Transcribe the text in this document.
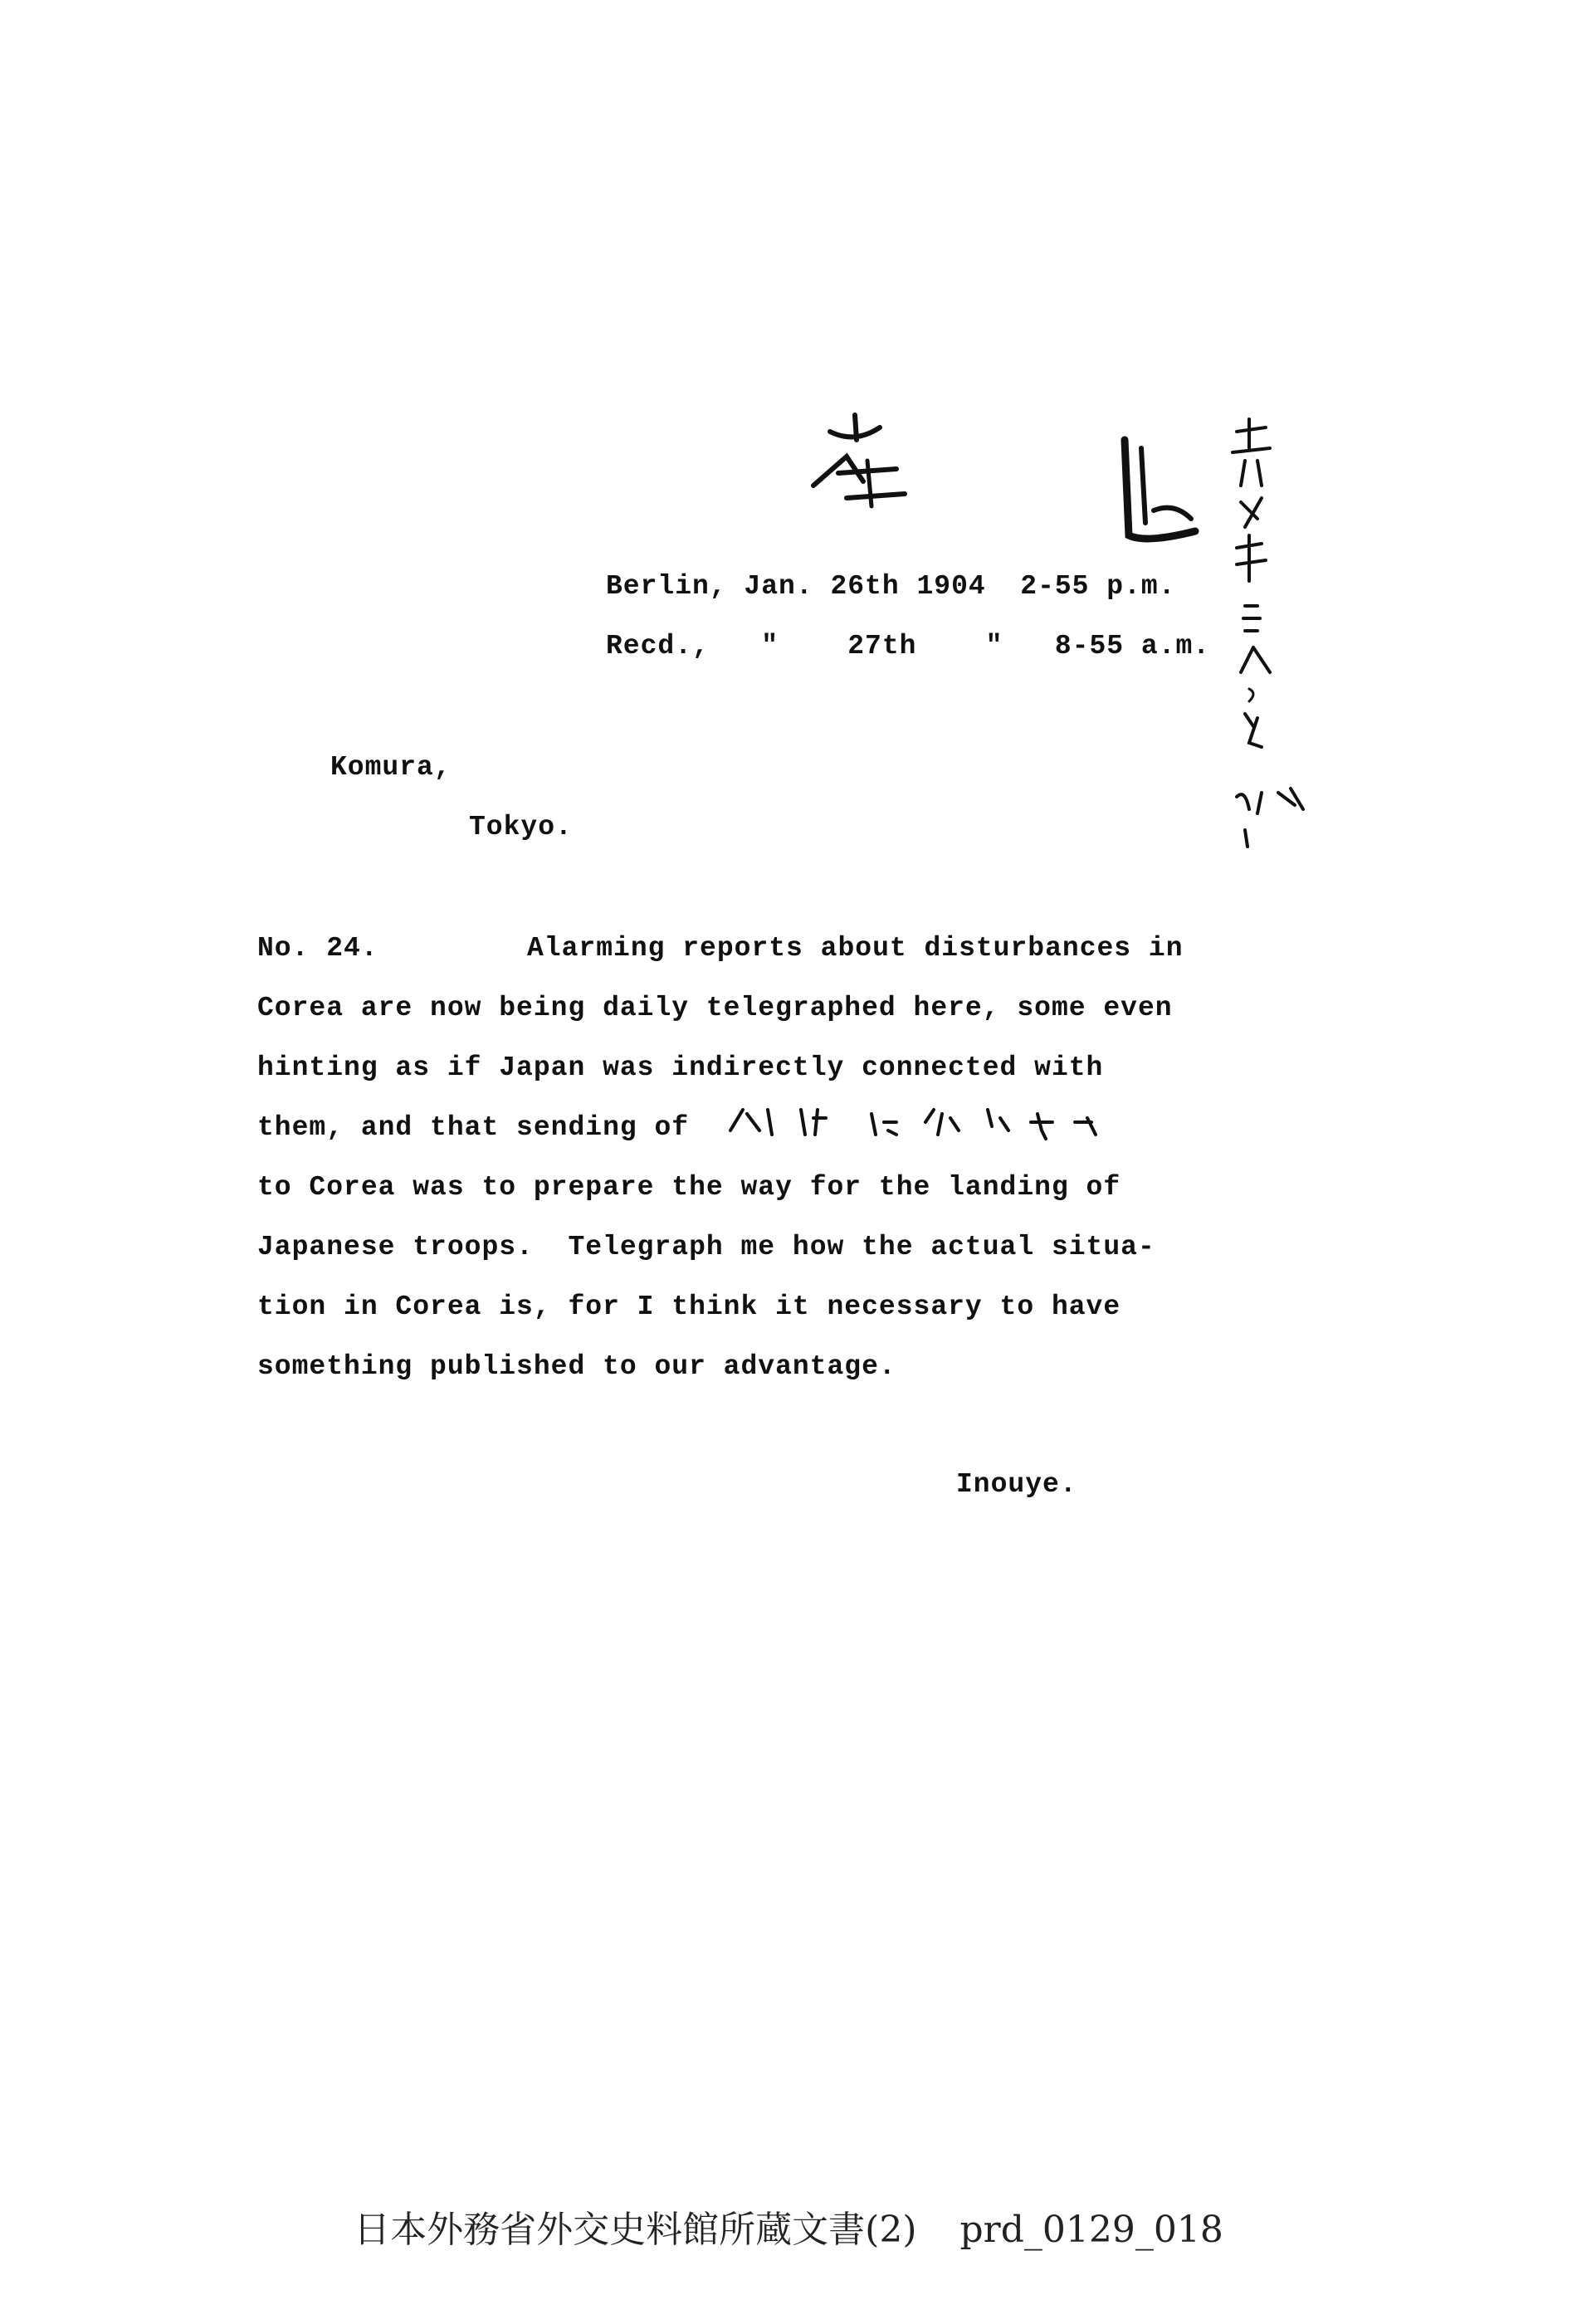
Berlin, Jan. 26th 1904  2-55 p.m.
Recd.,   "    27th    "   8-55 a.m.
Komura,
Tokyo.
No. 24.	Alarming reports about disturbances in
Corea are now being daily telegraphed here, some even
hinting as if Japan was indirectly connected with
them, and that sending of
to Corea was to prepare the way for the landing of
Japanese troops.  Telegraph me how the actual situa-
tion in Corea is, for I think it necessary to have
something published to our advantage.
Inouye.
日本外務省外交史料館所蔵文書(2) prd_0129_018
